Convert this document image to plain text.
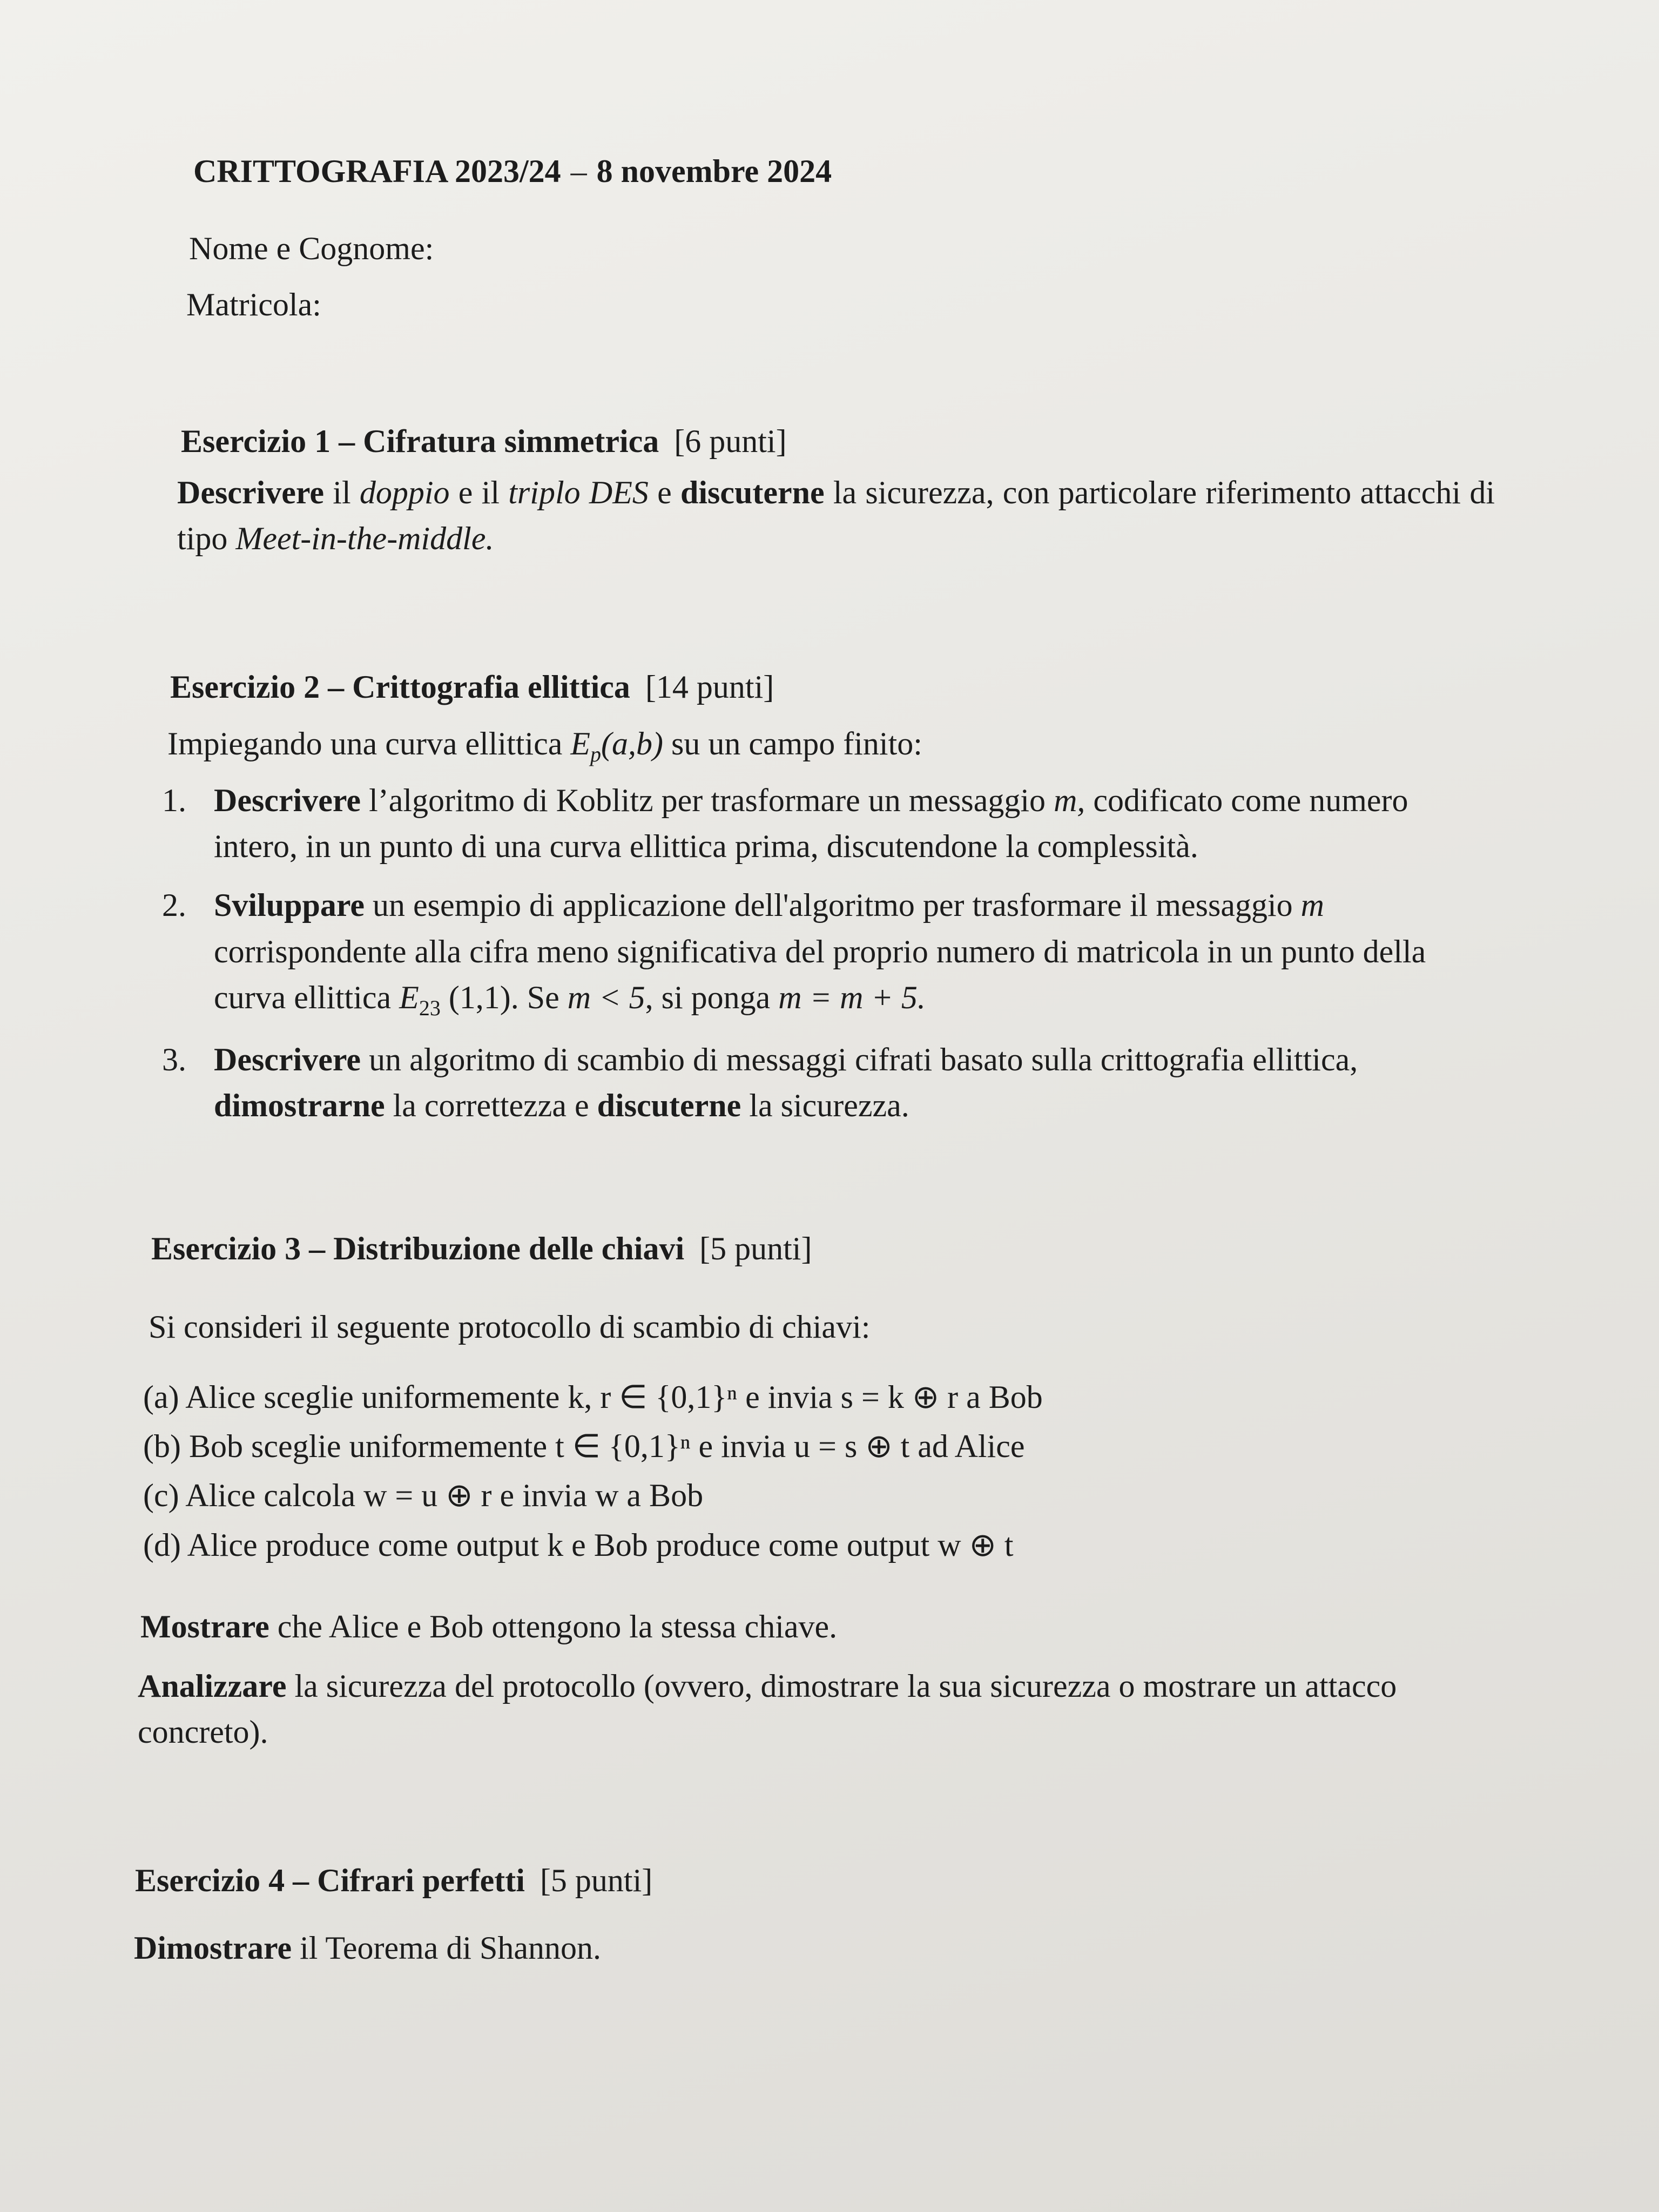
CRITTOGRAFIA 2023/24 – 8 novembre 2024
Nome e Cognome:
Matricola:
Esercizio 1 – Cifratura simmetrica [6 punti]

Descrivere il doppio e il triplo DES e discuterne la sicurezza, con particolare riferimento attacchi di tipo Meet-in-the-middle.

Esercizio 2 – Crittografia ellittica [14 punti]

Impiegando una curva ellittica $E_p(a,b)$ su un campo finito:

1. Descrivere l’algoritmo di Koblitz per trasformare un messaggio m, codificato come numero intero, in un punto di una curva ellittica prima, discutendone la complessità.
2. Sviluppare un esempio di applicazione dell'algoritmo per trasformare il messaggio m corrispondente alla cifra meno significativa del proprio numero di matricola in un punto della curva ellittica $E_{23}$ (1,1). Se m < 5, si ponga m = m + 5.
3. Descrivere un algoritmo di scambio di messaggi cifrati basato sulla crittografia ellittica, dimostrarne la correttezza e discuterne la sicurezza.
Esercizio 3 – Distribuzione delle chiavi [5 punti]

Si consideri il seguente protocollo di scambio di chiavi:

(a) Alice sceglie uniformemente k, r ∈ {0,1}ⁿ e invia s = k ⊕ r a Bob
(b) Bob sceglie uniformemente t ∈ {0,1}ⁿ e invia u = s ⊕ t ad Alice
(c) Alice calcola w = u ⊕ r e invia w a Bob
(d) Alice produce come output k e Bob produce come output w ⊕ t

Mostrare che Alice e Bob ottengono la stessa chiave.

Analizzare la sicurezza del protocollo (ovvero, dimostrare la sua sicurezza o mostrare un attacco concreto).

Esercizio 4 – Cifrari perfetti [5 punti]

Dimostrare il Teorema di Shannon.
